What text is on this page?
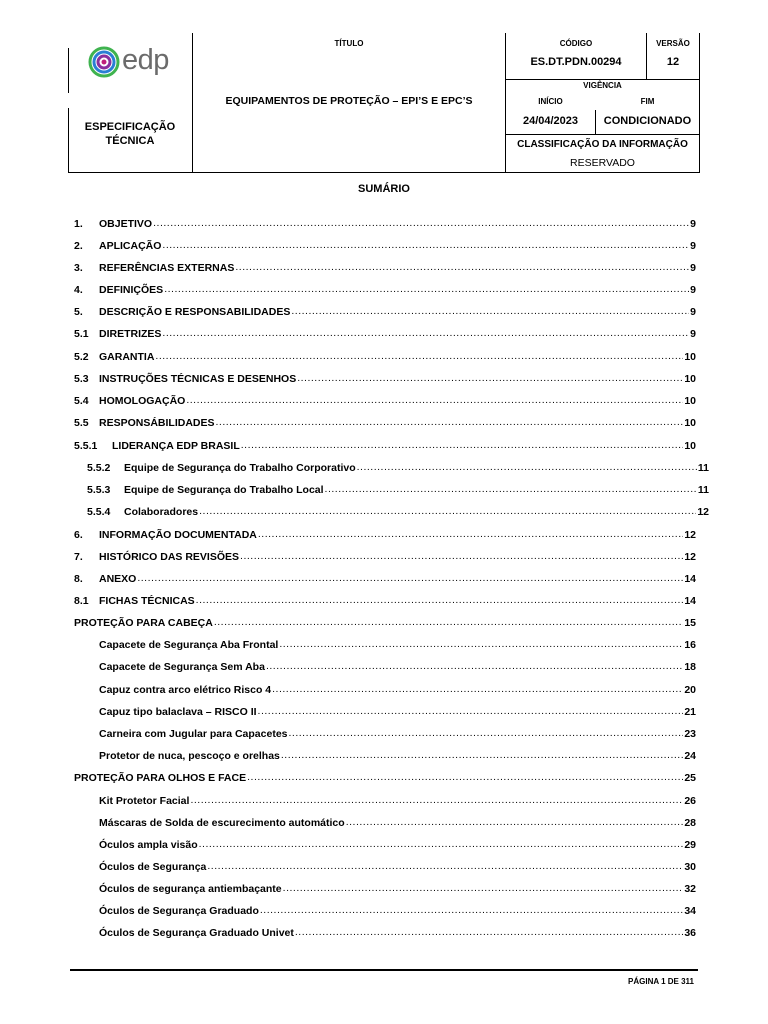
edp
ESPECIFICAÇÃO TÉCNICA
TÍTULO
EQUIPAMENTOS DE PROTEÇÃO – EPI’S E EPC’S
CÓDIGO
ES.DT.PDN.00294
VERSÃO
12
VIGÊNCIA
INÍCIO	FIM
24/04/2023	CONDICIONADO
CLASSIFICAÇÃO DA INFORMAÇÃO
RESERVADO
SUMÁRIO
1.	OBJETIVO .....	9
2.	APLICAÇÃO .....	9
3.	REFERÊNCIAS EXTERNAS .....	9
4.	DEFINIÇÕES .....	9
5.	DESCRIÇÃO E RESPONSABILIDADES .....	9
5.1 DIRETRIZES .....	9
5.2 GARANTIA .....	10
5.3 INSTRUÇÕES TÉCNICAS E DESENHOS .....	10
5.4 HOMOLOGAÇÃO .....	10
5.5 RESPONSÁBILIDADES .....	10
5.5.1	LIDERANÇA EDP BRASIL .....	10
5.5.2	Equipe de Segurança do Trabalho Corporativo .....	11
5.5.3	Equipe de Segurança do Trabalho Local .....	11
5.5.4	Colaboradores .....	12
6.	INFORMAÇÃO DOCUMENTADA .....	12
7.	HISTÓRICO DAS REVISÕES .....	12
8.	ANEXO .....	14
8.1 FICHAS TÉCNICAS .....	14
PROTEÇÃO PARA CABEÇA .....	15
Capacete de Segurança Aba Frontal .....	16
Capacete de Segurança Sem Aba .....	18
Capuz contra arco elétrico Risco 4 .....	20
Capuz tipo balaclava – RISCO II .....	21
Carneira com Jugular para Capacetes .....	23
Protetor de nuca, pescoço e orelhas .....	24
PROTEÇÃO PARA OLHOS E FACE .....	25
Kit Protetor Facial .....	26
Máscaras de Solda de escurecimento automático .....	28
Óculos ampla visão .....	29
Óculos de Segurança .....	30
Óculos de segurança antiembaçante .....	32
Óculos de Segurança Graduado .....	34
Óculos de Segurança Graduado Univet .....	36
PÁGINA 1 DE 311
